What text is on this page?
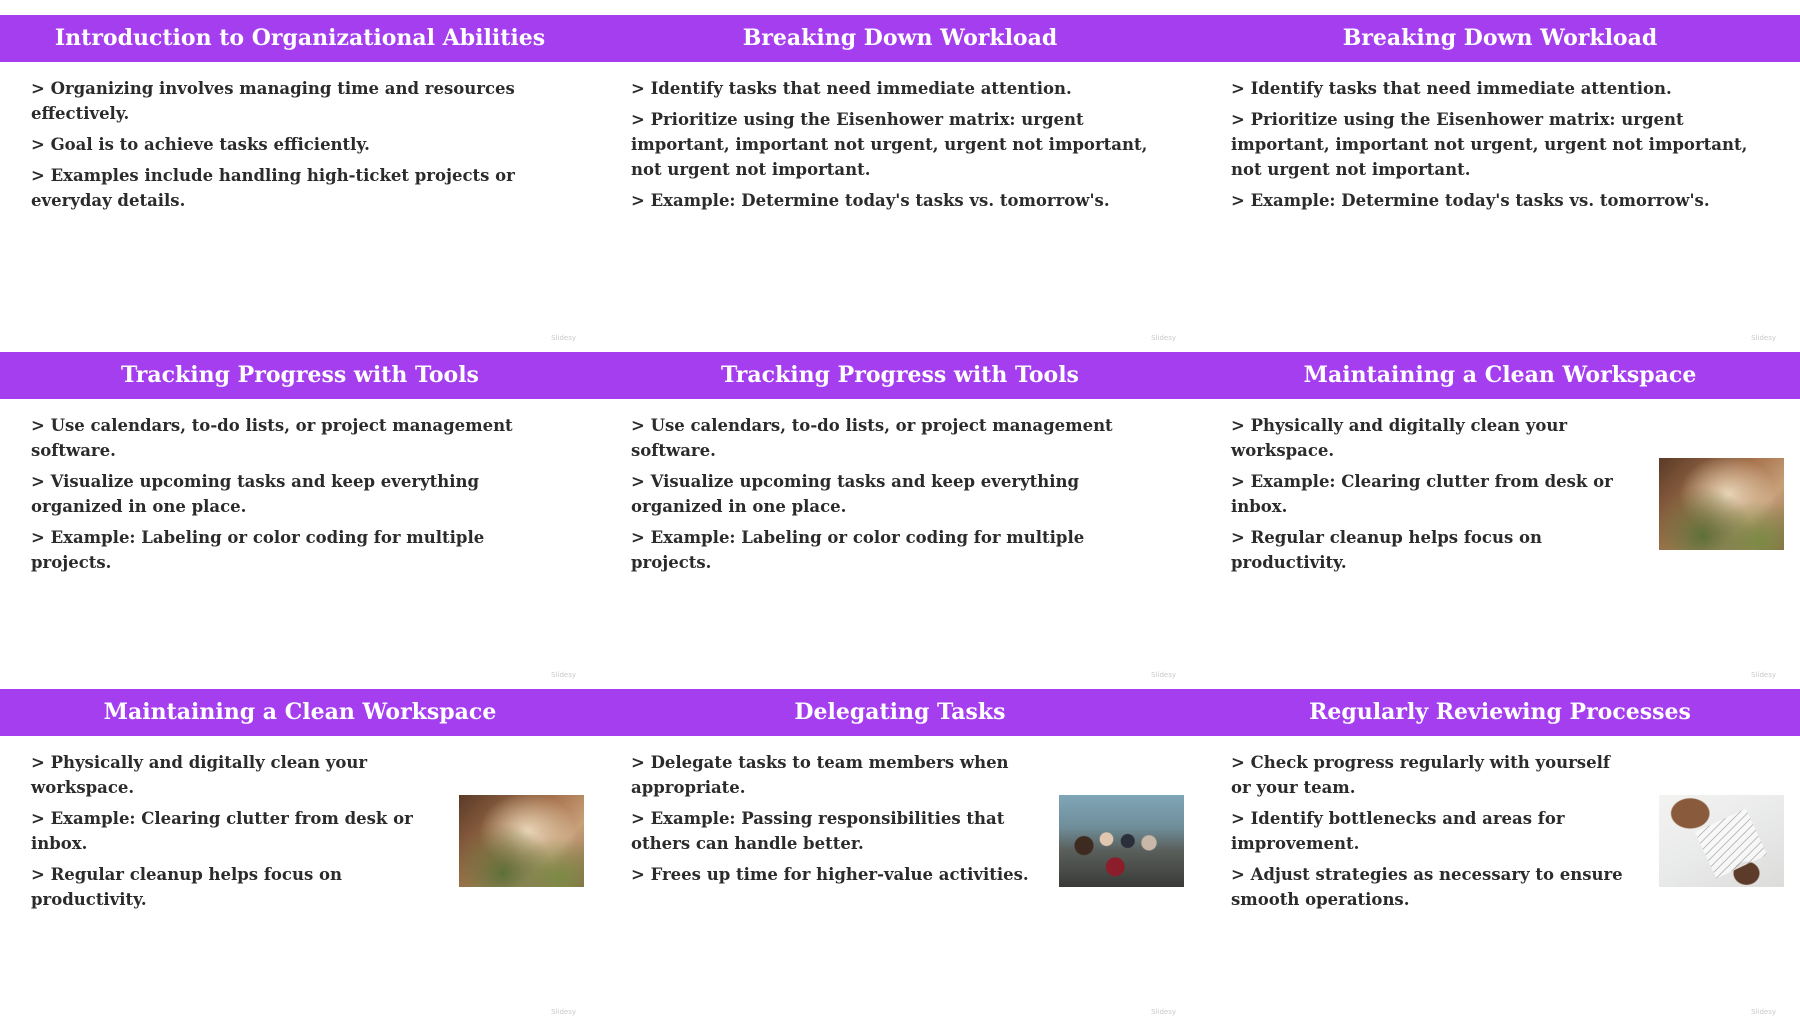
Introduction to Organizational Abilities
> Organizing involves managing time and resources effectively.
> Goal is to achieve tasks efficiently.
> Examples include handling high-ticket projects or everyday details.
Slidesy
Breaking Down Workload
> Identify tasks that need immediate attention.
> Prioritize using the Eisenhower matrix: urgent important, important not urgent, urgent not important, not urgent not important.
> Example: Determine today's tasks vs. tomorrow's.
Slidesy
Breaking Down Workload
> Identify tasks that need immediate attention.
> Prioritize using the Eisenhower matrix: urgent important, important not urgent, urgent not important, not urgent not important.
> Example: Determine today's tasks vs. tomorrow's.
Slidesy
Tracking Progress with Tools
> Use calendars, to-do lists, or project management software.
> Visualize upcoming tasks and keep everything organized in one place.
> Example: Labeling or color coding for multiple projects.
Slidesy
Tracking Progress with Tools
> Use calendars, to-do lists, or project management software.
> Visualize upcoming tasks and keep everything organized in one place.
> Example: Labeling or color coding for multiple projects.
Slidesy
Maintaining a Clean Workspace
> Physically and digitally clean your workspace.
> Example: Clearing clutter from desk or inbox.
> Regular cleanup helps focus on productivity.
Slidesy
Maintaining a Clean Workspace
> Physically and digitally clean your workspace.
> Example: Clearing clutter from desk or inbox.
> Regular cleanup helps focus on productivity.
Slidesy
Delegating Tasks
> Delegate tasks to team members when appropriate.
> Example: Passing responsibilities that others can handle better.
> Frees up time for higher-value activities.
Slidesy
Regularly Reviewing Processes
> Check progress regularly with yourself or your team.
> Identify bottlenecks and areas for improvement.
> Adjust strategies as necessary to ensure smooth operations.
Slidesy
